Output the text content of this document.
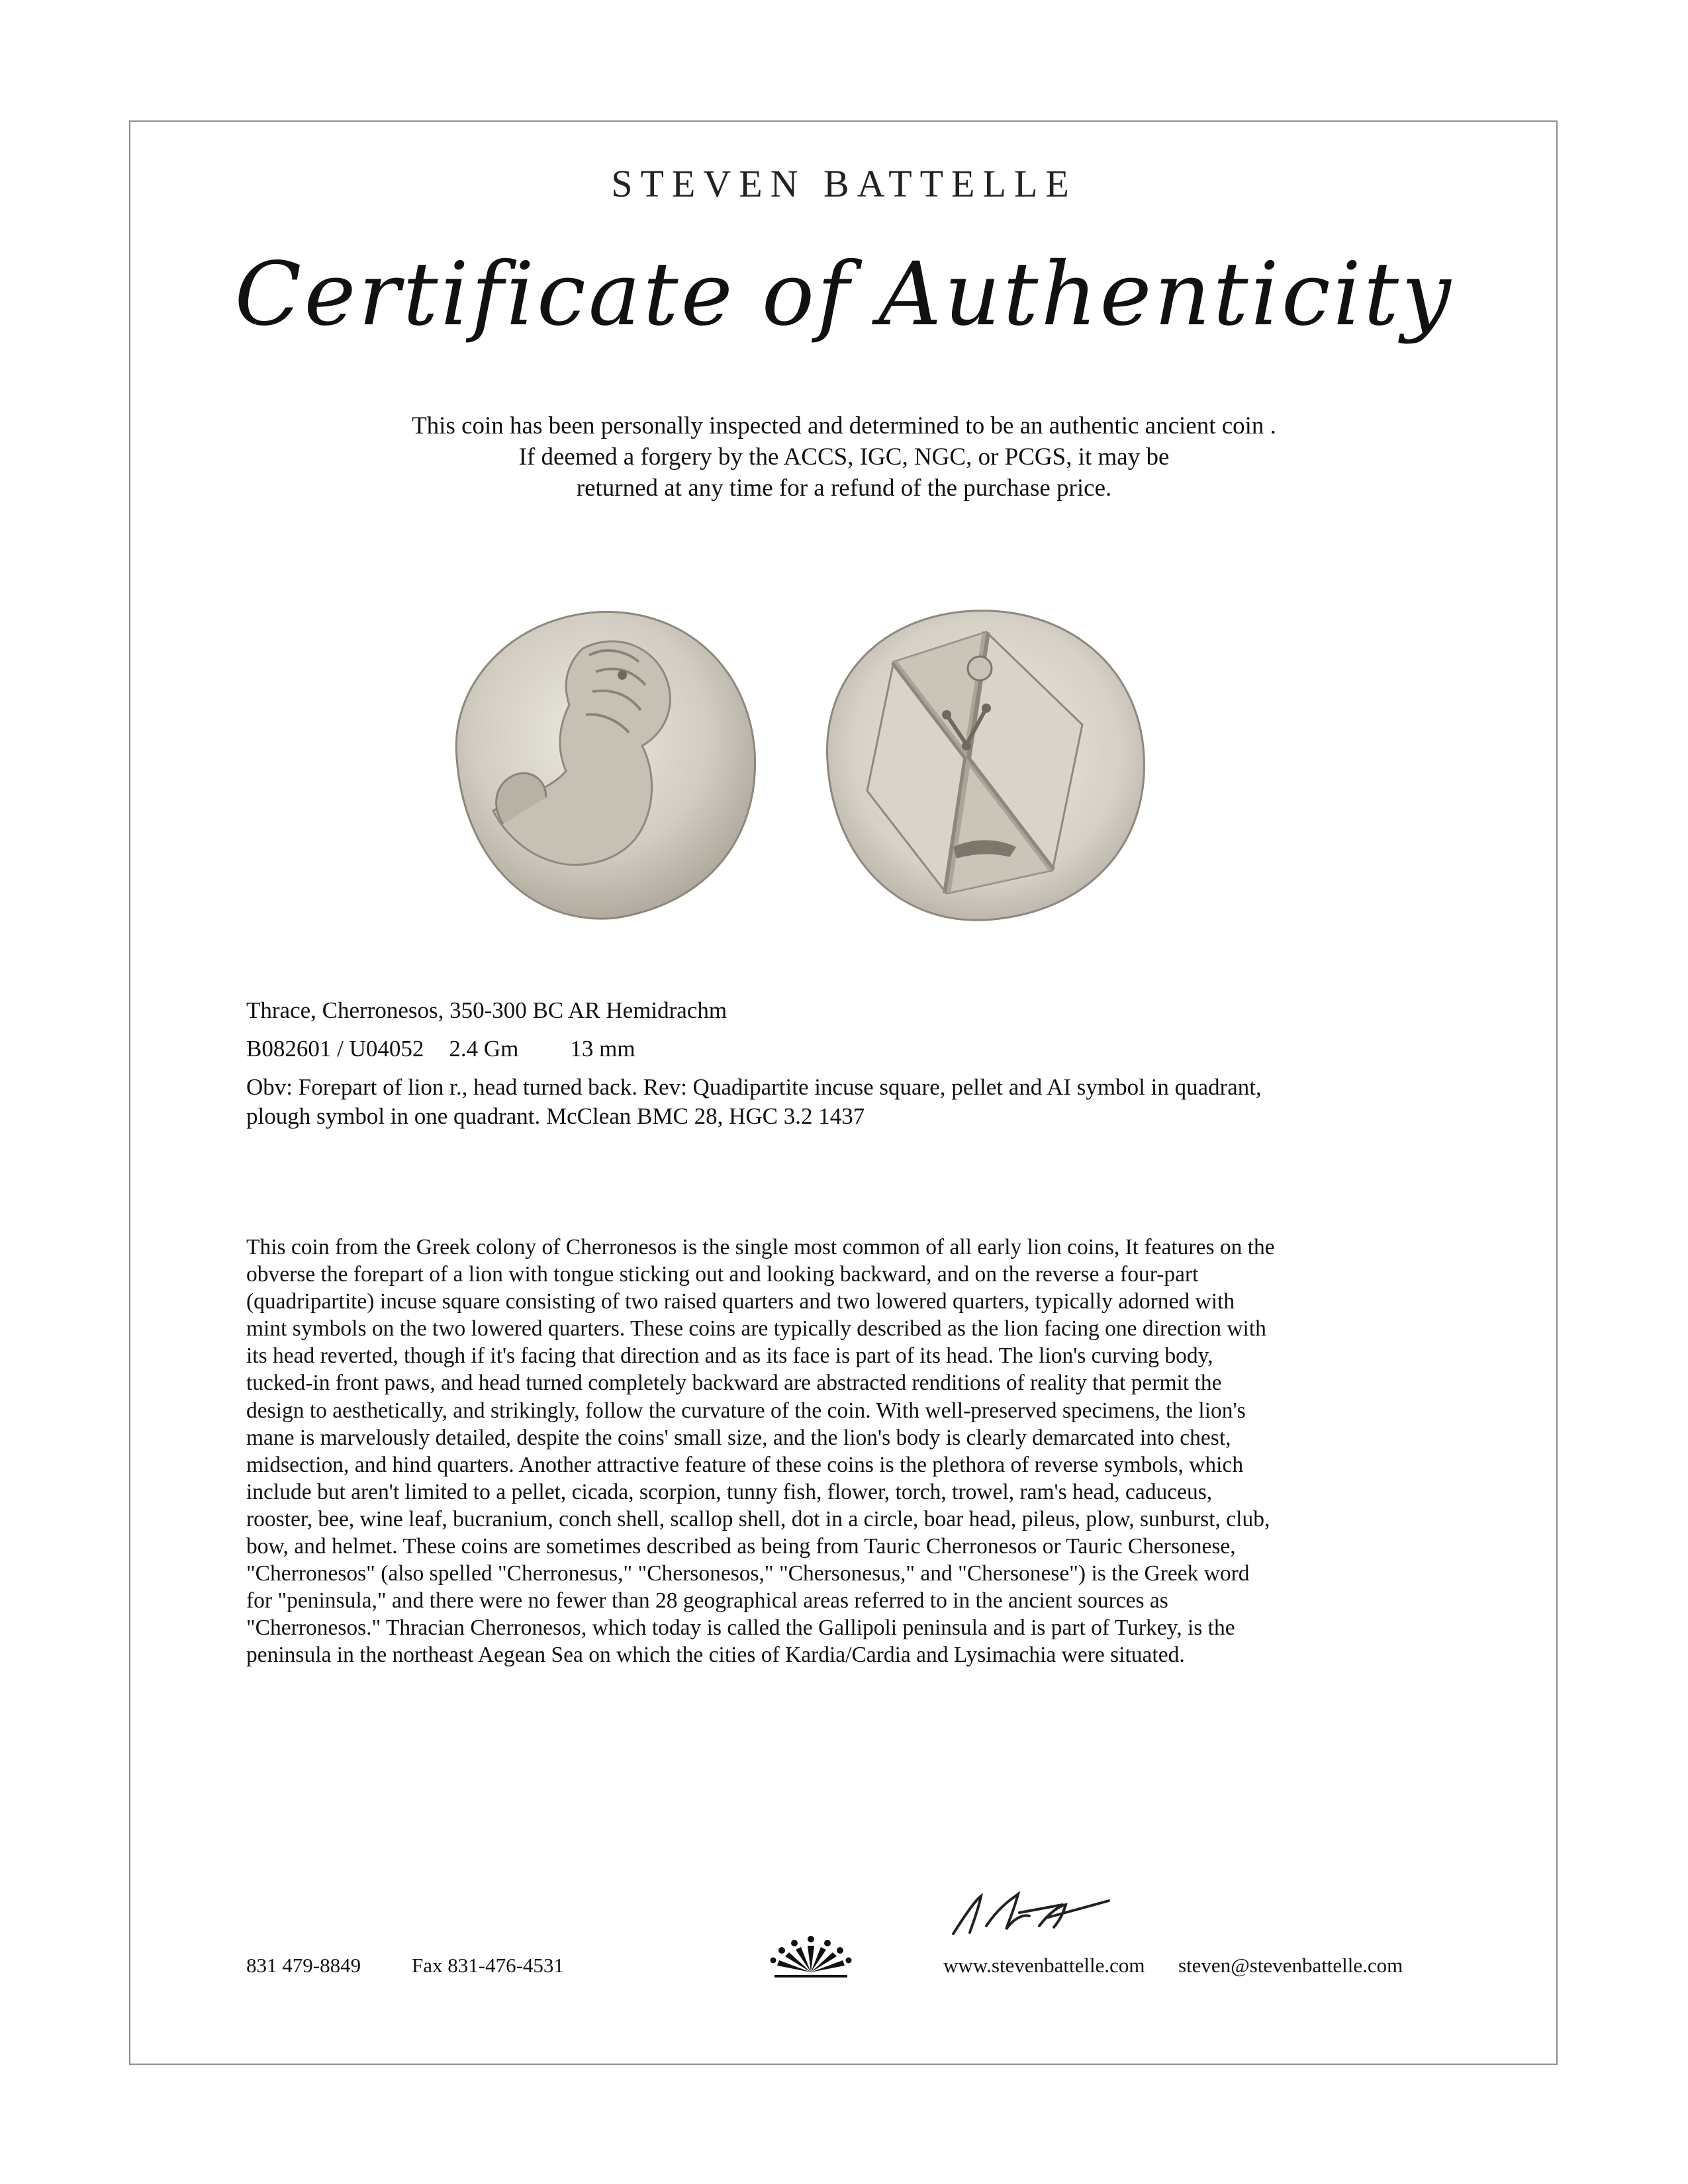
STEVEN BATTELLE
Certificate of Authenticity
This coin has been personally inspected and determined to be an authentic ancient coin .
If deemed a forgery by the ACCS, IGC, NGC, or PCGS, it may be
returned at any time for a refund of the purchase price.
Thrace, Cherronesos, 350-300 BC AR Hemidrachm
B082601 / U04052 2.4 Gm 13 mm
Obv: Forepart of lion r., head turned back. Rev: Quadipartite incuse square, pellet and AI symbol in quadrant,
plough symbol in one quadrant. McClean BMC 28, HGC 3.2 1437
This coin from the Greek colony of Cherronesos is the single most common of all early lion coins, It features on the
obverse the forepart of a lion with tongue sticking out and looking backward, and on the reverse a four-part
(quadripartite) incuse square consisting of two raised quarters and two lowered quarters, typically adorned with
mint symbols on the two lowered quarters. These coins are typically described as the lion facing one direction with
its head reverted, though if it's facing that direction and as its face is part of its head. The lion's curving body,
tucked-in front paws, and head turned completely backward are abstracted renditions of reality that permit the
design to aesthetically, and strikingly, follow the curvature of the coin. With well-preserved specimens, the lion's
mane is marvelously detailed, despite the coins' small size, and the lion's body is clearly demarcated into chest,
midsection, and hind quarters. Another attractive feature of these coins is the plethora of reverse symbols, which
include but aren't limited to a pellet, cicada, scorpion, tunny fish, flower, torch, trowel, ram's head, caduceus,
rooster, bee, wine leaf, bucranium, conch shell, scallop shell, dot in a circle, boar head, pileus, plow, sunburst, club,
bow, and helmet. These coins are sometimes described as being from Tauric Cherronesos or Tauric Chersonese,
"Cherronesos" (also spelled "Cherronesus," "Chersonesos," "Chersonesus," and "Chersonese") is the Greek word
for "peninsula," and there were no fewer than 28 geographical areas referred to in the ancient sources as
"Cherronesos." Thracian Cherronesos, which today is called the Gallipoli peninsula and is part of Turkey, is the
peninsula in the northeast Aegean Sea on which the cities of Kardia/Cardia and Lysimachia were situated.
831 479-8849 Fax 831-476-4531	www.stevenbattelle.com steven@stevenbattelle.com
